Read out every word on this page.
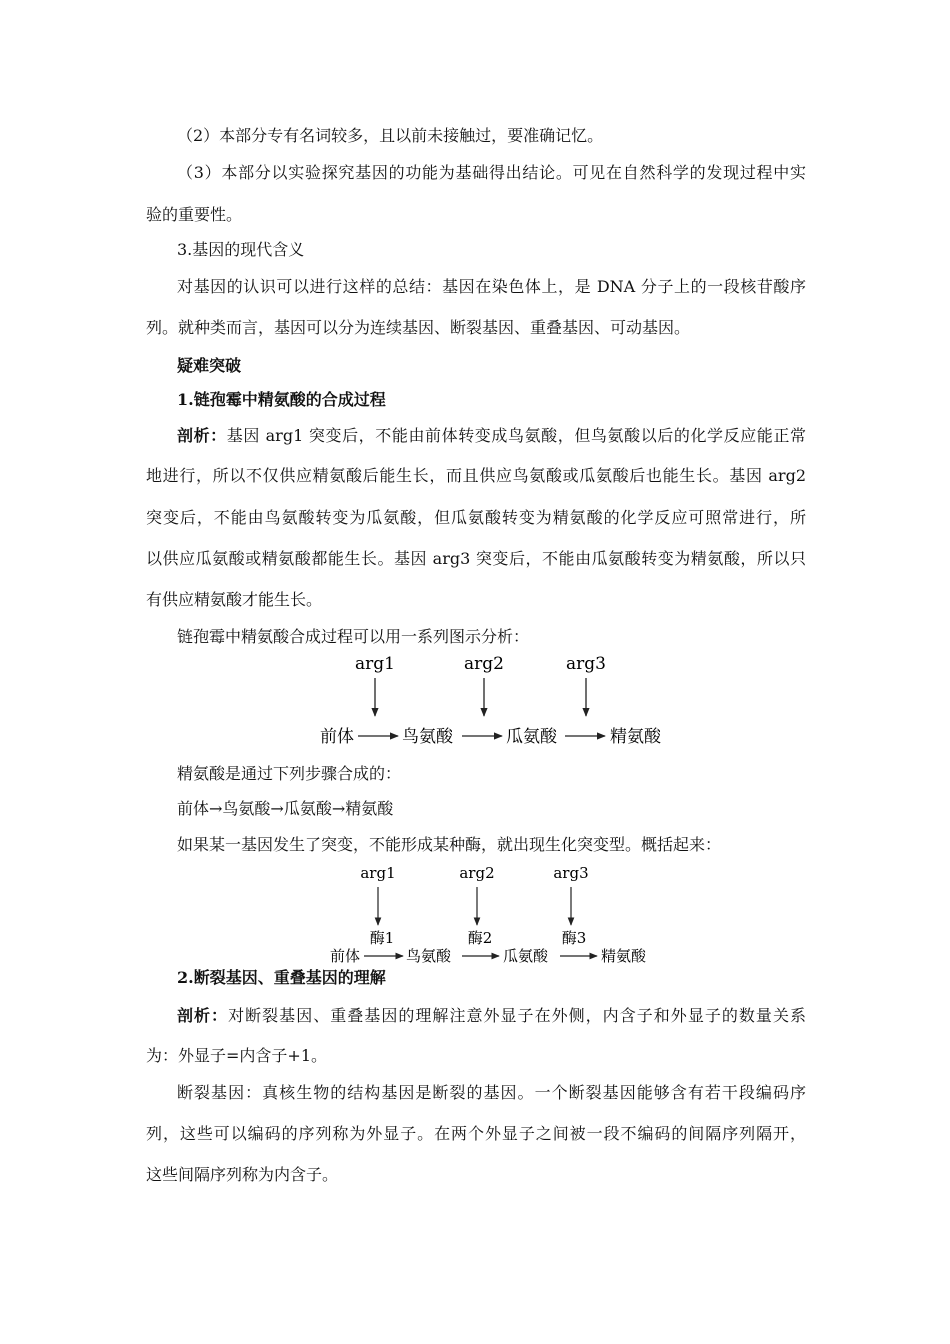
（2）本部分专有名词较多，且以前未接触过，要准确记忆。
（3）本部分以实验探究基因的功能为基础得出结论。可见在自然科学的发现过程中实
验的重要性。
3.基因的现代含义
对基因的认识可以进行这样的总结：基因在染色体上，是 DNA 分子上的一段核苷酸序
列。就种类而言，基因可以分为连续基因、断裂基因、重叠基因、可动基因。
疑难突破
1.链孢霉中精氨酸的合成过程
剖析：基因 arg1 突变后，不能由前体转变成鸟氨酸，但鸟氨酸以后的化学反应能正常
地进行，所以不仅供应精氨酸后能生长，而且供应鸟氨酸或瓜氨酸后也能生长。基因 arg2
突变后，不能由鸟氨酸转变为瓜氨酸，但瓜氨酸转变为精氨酸的化学反应可照常进行，所
以供应瓜氨酸或精氨酸都能生长。基因 arg3 突变后，不能由瓜氨酸转变为精氨酸，所以只
有供应精氨酸才能生长。
链孢霉中精氨酸合成过程可以用一系列图示分析：
arg1	arg2	arg3
前体	鸟氨酸	瓜氨酸	精氨酸
精氨酸是通过下列步骤合成的：
前体→鸟氨酸→瓜氨酸→精氨酸
如果某一基因发生了突变，不能形成某种酶，就出现生化突变型。概括起来：
arg1	arg2	arg3
酶1	酶2	酶3
前体	鸟氨酸	瓜氨酸	精氨酸
2.断裂基因、重叠基因的理解
剖析：对断裂基因、重叠基因的理解注意外显子在外侧，内含子和外显子的数量关系
为：外显子=内含子+1。
断裂基因：真核生物的结构基因是断裂的基因。一个断裂基因能够含有若干段编码序
列，这些可以编码的序列称为外显子。在两个外显子之间被一段不编码的间隔序列隔开，
这些间隔序列称为内含子。
